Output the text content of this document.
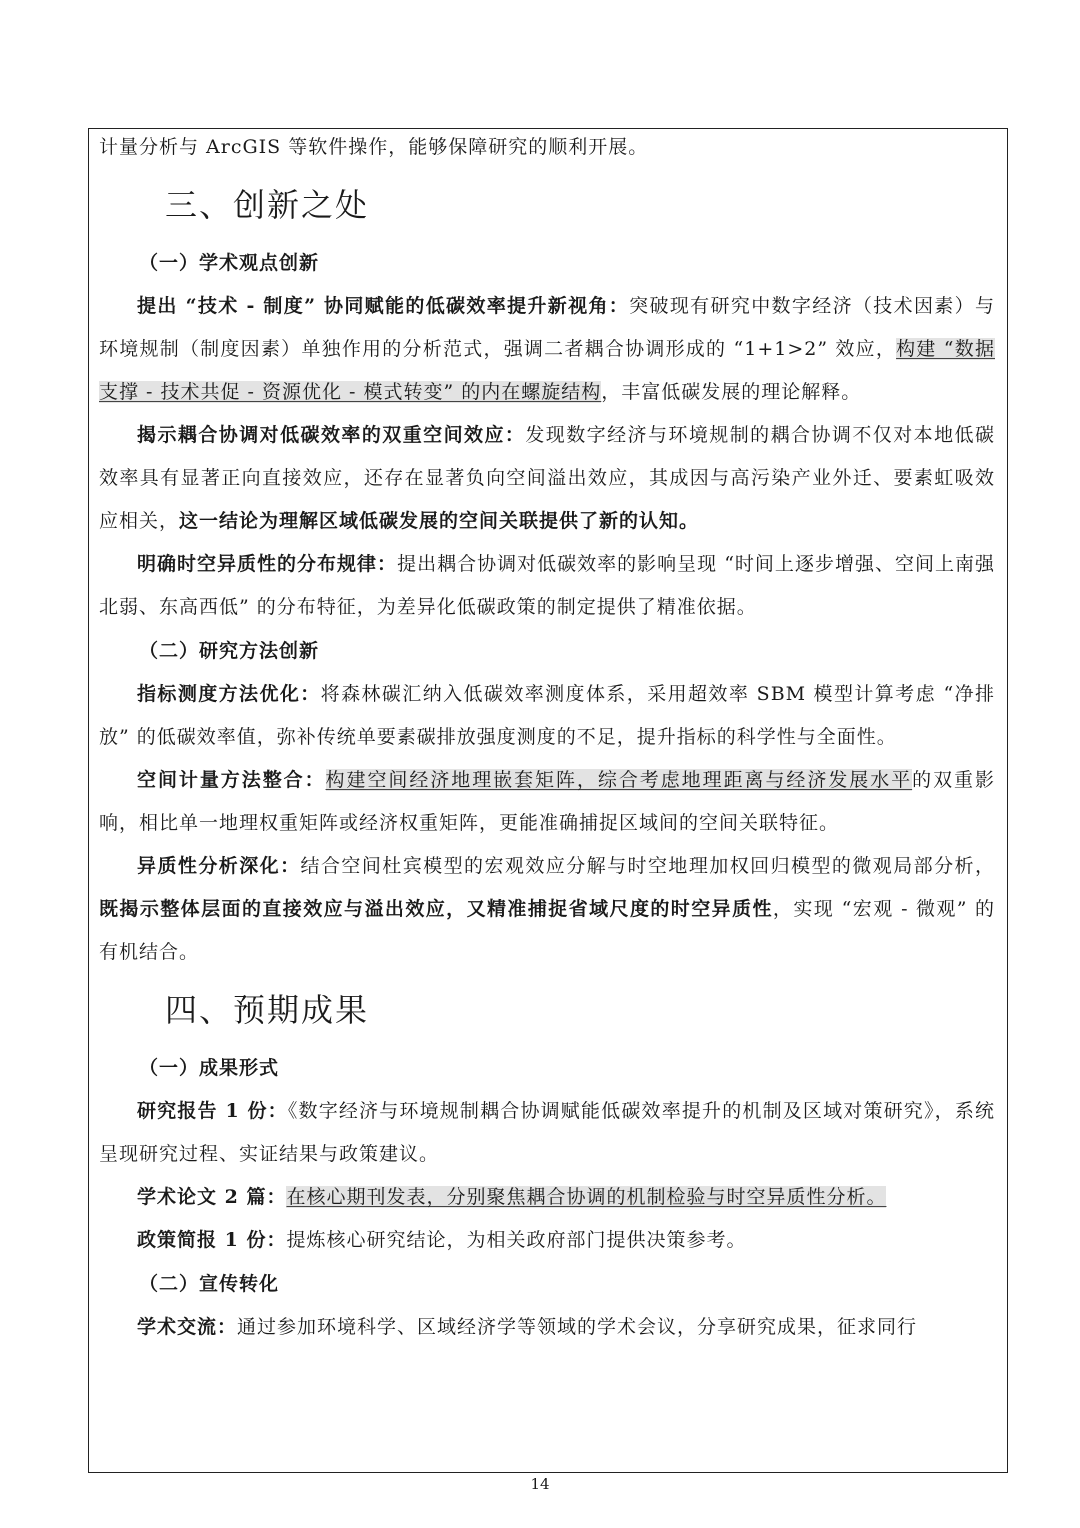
计量分析与 ArcGIS 等软件操作，能够保障研究的顺利开展。

三、创新之处
（一）学术观点创新

提出 “技术 - 制度” 协同赋能的低碳效率提升新视角：突破现有研究中数字经济（技术因素）与环境规制（制度因素）单独作用的分析范式，强调二者耦合协调形成的 “1+1>2” 效应，构建 “数据支撑 - 技术共促 - 资源优化 - 模式转变” 的内在螺旋结构，丰富低碳发展的理论解释。

揭示耦合协调对低碳效率的双重空间效应：发现数字经济与环境规制的耦合协调不仅对本地低碳效率具有显著正向直接效应，还存在显著负向空间溢出效应，其成因与高污染产业外迁、要素虹吸效应相关，这一结论为理解区域低碳发展的空间关联提供了新的认知。

明确时空异质性的分布规律：提出耦合协调对低碳效率的影响呈现 “时间上逐步增强、空间上南强北弱、东高西低” 的分布特征，为差异化低碳政策的制定提供了精准依据。

（二）研究方法创新

指标测度方法优化：将森林碳汇纳入低碳效率测度体系，采用超效率 SBM 模型计算考虑 “净排放” 的低碳效率值，弥补传统单要素碳排放强度测度的不足，提升指标的科学性与全面性。

空间计量方法整合：构建空间经济地理嵌套矩阵，综合考虑地理距离与经济发展水平的双重影响，相比单一地理权重矩阵或经济权重矩阵，更能准确捕捉区域间的空间关联特征。

异质性分析深化：结合空间杜宾模型的宏观效应分解与时空地理加权回归模型的微观局部分析，既揭示整体层面的直接效应与溢出效应，又精准捕捉省域尺度的时空异质性，实现 “宏观 - 微观” 的有机结合。

四、预期成果
（一）成果形式

研究报告 1 份：《数字经济与环境规制耦合协调赋能低碳效率提升的机制及区域对策研究》，系统呈现研究过程、实证结果与政策建议。

学术论文 2 篇：在核心期刊发表，分别聚焦耦合协调的机制检验与时空异质性分析。

政策简报 1 份：提炼核心研究结论，为相关政府部门提供决策参考。

（二）宣传转化

学术交流：通过参加环境科学、区域经济学等领域的学术会议，分享研究成果，征求同行

14
